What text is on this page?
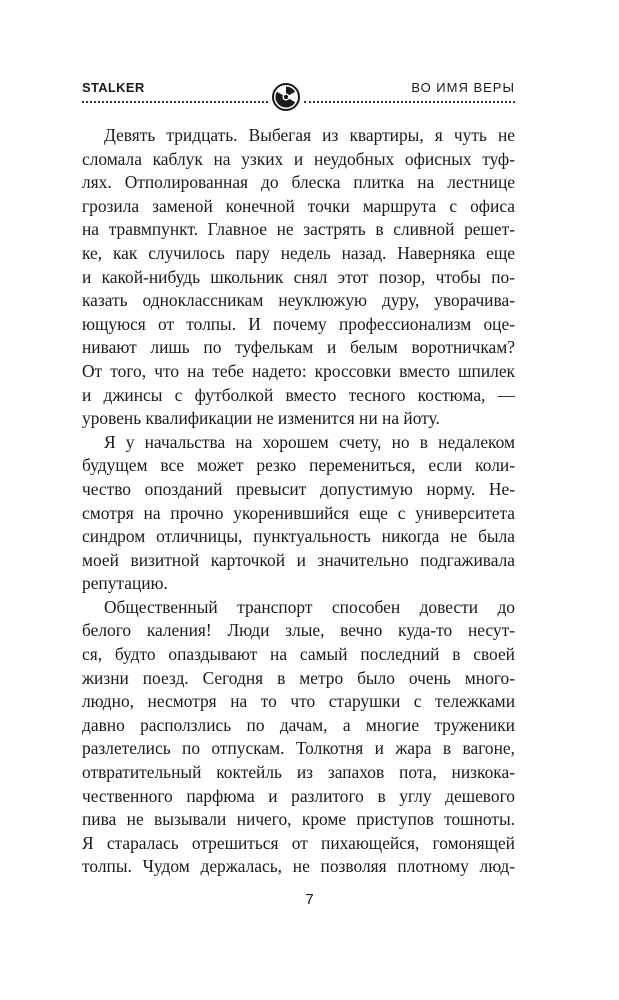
STALKER	ВО ИМЯ ВЕРЫ
Девять тридцать. Выбегая из квартиры, я чуть не
сломала каблук на узких и неудобных офисных туф-
лях. Отполированная до блеска плитка на лестнице
грозила заменой конечной точки маршрута с офиса
на травмпункт. Главное не застрять в сливной решет-
ке, как случилось пару недель назад. Наверняка еще
и какой-нибудь школьник снял этот позор, чтобы по-
казать одноклассникам неуклюжую дуру, уворачива-
ющуюся от толпы. И почему профессионализм оце-
нивают лишь по туфелькам и белым воротничкам?
От того, что на тебе надето: кроссовки вместо шпилек
и джинсы с футболкой вместо тесного костюма, —
уровень квалификации не изменится ни на йоту.
Я у начальства на хорошем счету, но в недалеком
будущем все может резко перемениться, если коли-
чество опозданий превысит допустимую норму. Не-
смотря на прочно укоренившийся еще с университета
синдром отличницы, пунктуальность никогда не была
моей визитной карточкой и значительно подгаживала
репутацию.
Общественный транспорт способен довести до
белого каления! Люди злые, вечно куда-то несут-
ся, будто опаздывают на самый последний в своей
жизни поезд. Сегодня в метро было очень много-
людно, несмотря на то что старушки с тележками
давно расползлись по дачам, а многие труженики
разлетелись по отпускам. Толкотня и жара в вагоне,
отвратительный коктейль из запахов пота, низкока-
чественного парфюма и разлитого в углу дешевого
пива не вызывали ничего, кроме приступов тошноты.
Я старалась отрешиться от пихающейся, гомонящей
толпы. Чудом держалась, не позволяя плотному люд-
7
